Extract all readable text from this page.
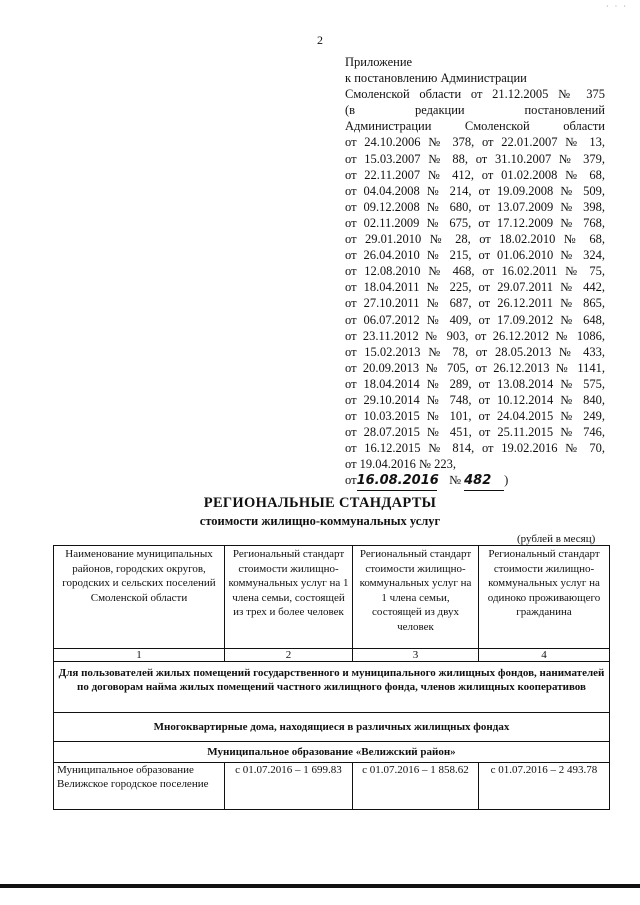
· · ·
2
Приложение
к постановлению Администрации
Смоленской области от 21.12.2005 № 375
(в редакции постановлений
Администрации Смоленской области
от 24.10.2006 № 378, от 22.01.2007 № 13,
от 15.03.2007 № 88, от 31.10.2007 № 379,
от 22.11.2007 № 412, от 01.02.2008 № 68,
от 04.04.2008 № 214, от 19.09.2008 № 509,
от 09.12.2008 № 680, от 13.07.2009 № 398,
от 02.11.2009 № 675, от 17.12.2009 № 768,
от 29.01.2010 № 28, от 18.02.2010 № 68,
от 26.04.2010 № 215, от 01.06.2010 № 324,
от 12.08.2010 № 468, от 16.02.2011 № 75,
от 18.04.2011 № 225, от 29.07.2011 № 442,
от 27.10.2011 № 687, от 26.12.2011 № 865,
от 06.07.2012 № 409, от 17.09.2012 № 648,
от 23.11.2012 № 903, от 26.12.2012 № 1086,
от 15.02.2013 № 78, от 28.05.2013 № 433,
от 20.09.2013 № 705, от 26.12.2013 № 1141,
от 18.04.2014 № 289, от 13.08.2014 № 575,
от 29.10.2014 № 748, от 10.12.2014 № 840,
от 10.03.2015 № 101, от 24.04.2015 № 249,
от 28.07.2015 № 451, от 25.11.2015 № 746,
от 16.12.2015 № 814, от 19.02.2016 № 70,
от 19.04.2016 № 223,
от16.08.2016 № 482 )
РЕГИОНАЛЬНЫЕ СТАНДАРТЫ
стоимости жилищно-коммунальных услуг
(рублей в месяц)
Наименование муниципальных районов, городских округов, городских и сельских поселений Смоленской области	Региональный стандарт стоимости жилищно-коммунальных услуг на 1 члена семьи, состоящей из трех и более человек	Региональный стандарт стоимости жилищно-коммунальных услуг на 1 члена семьи, состоящей из двух человек	Региональный стандарт стоимости жилищно-коммунальных услуг на одиноко проживающего гражданина
1	2	3	4
Для пользователей жилых помещений государственного и муниципального жилищных фондов, нанимателей по договорам найма жилых помещений частного жилищного фонда, членов жилищных кооперативов			
Многоквартирные дома, находящиеся в различных жилищных фондах			
Муниципальное образование «Велижский район»			
Муниципальное образование Велижское городское поселение	с 01.07.2016 – 1 699.83	с 01.07.2016 – 1 858.62	с 01.07.2016 – 2 493.78
